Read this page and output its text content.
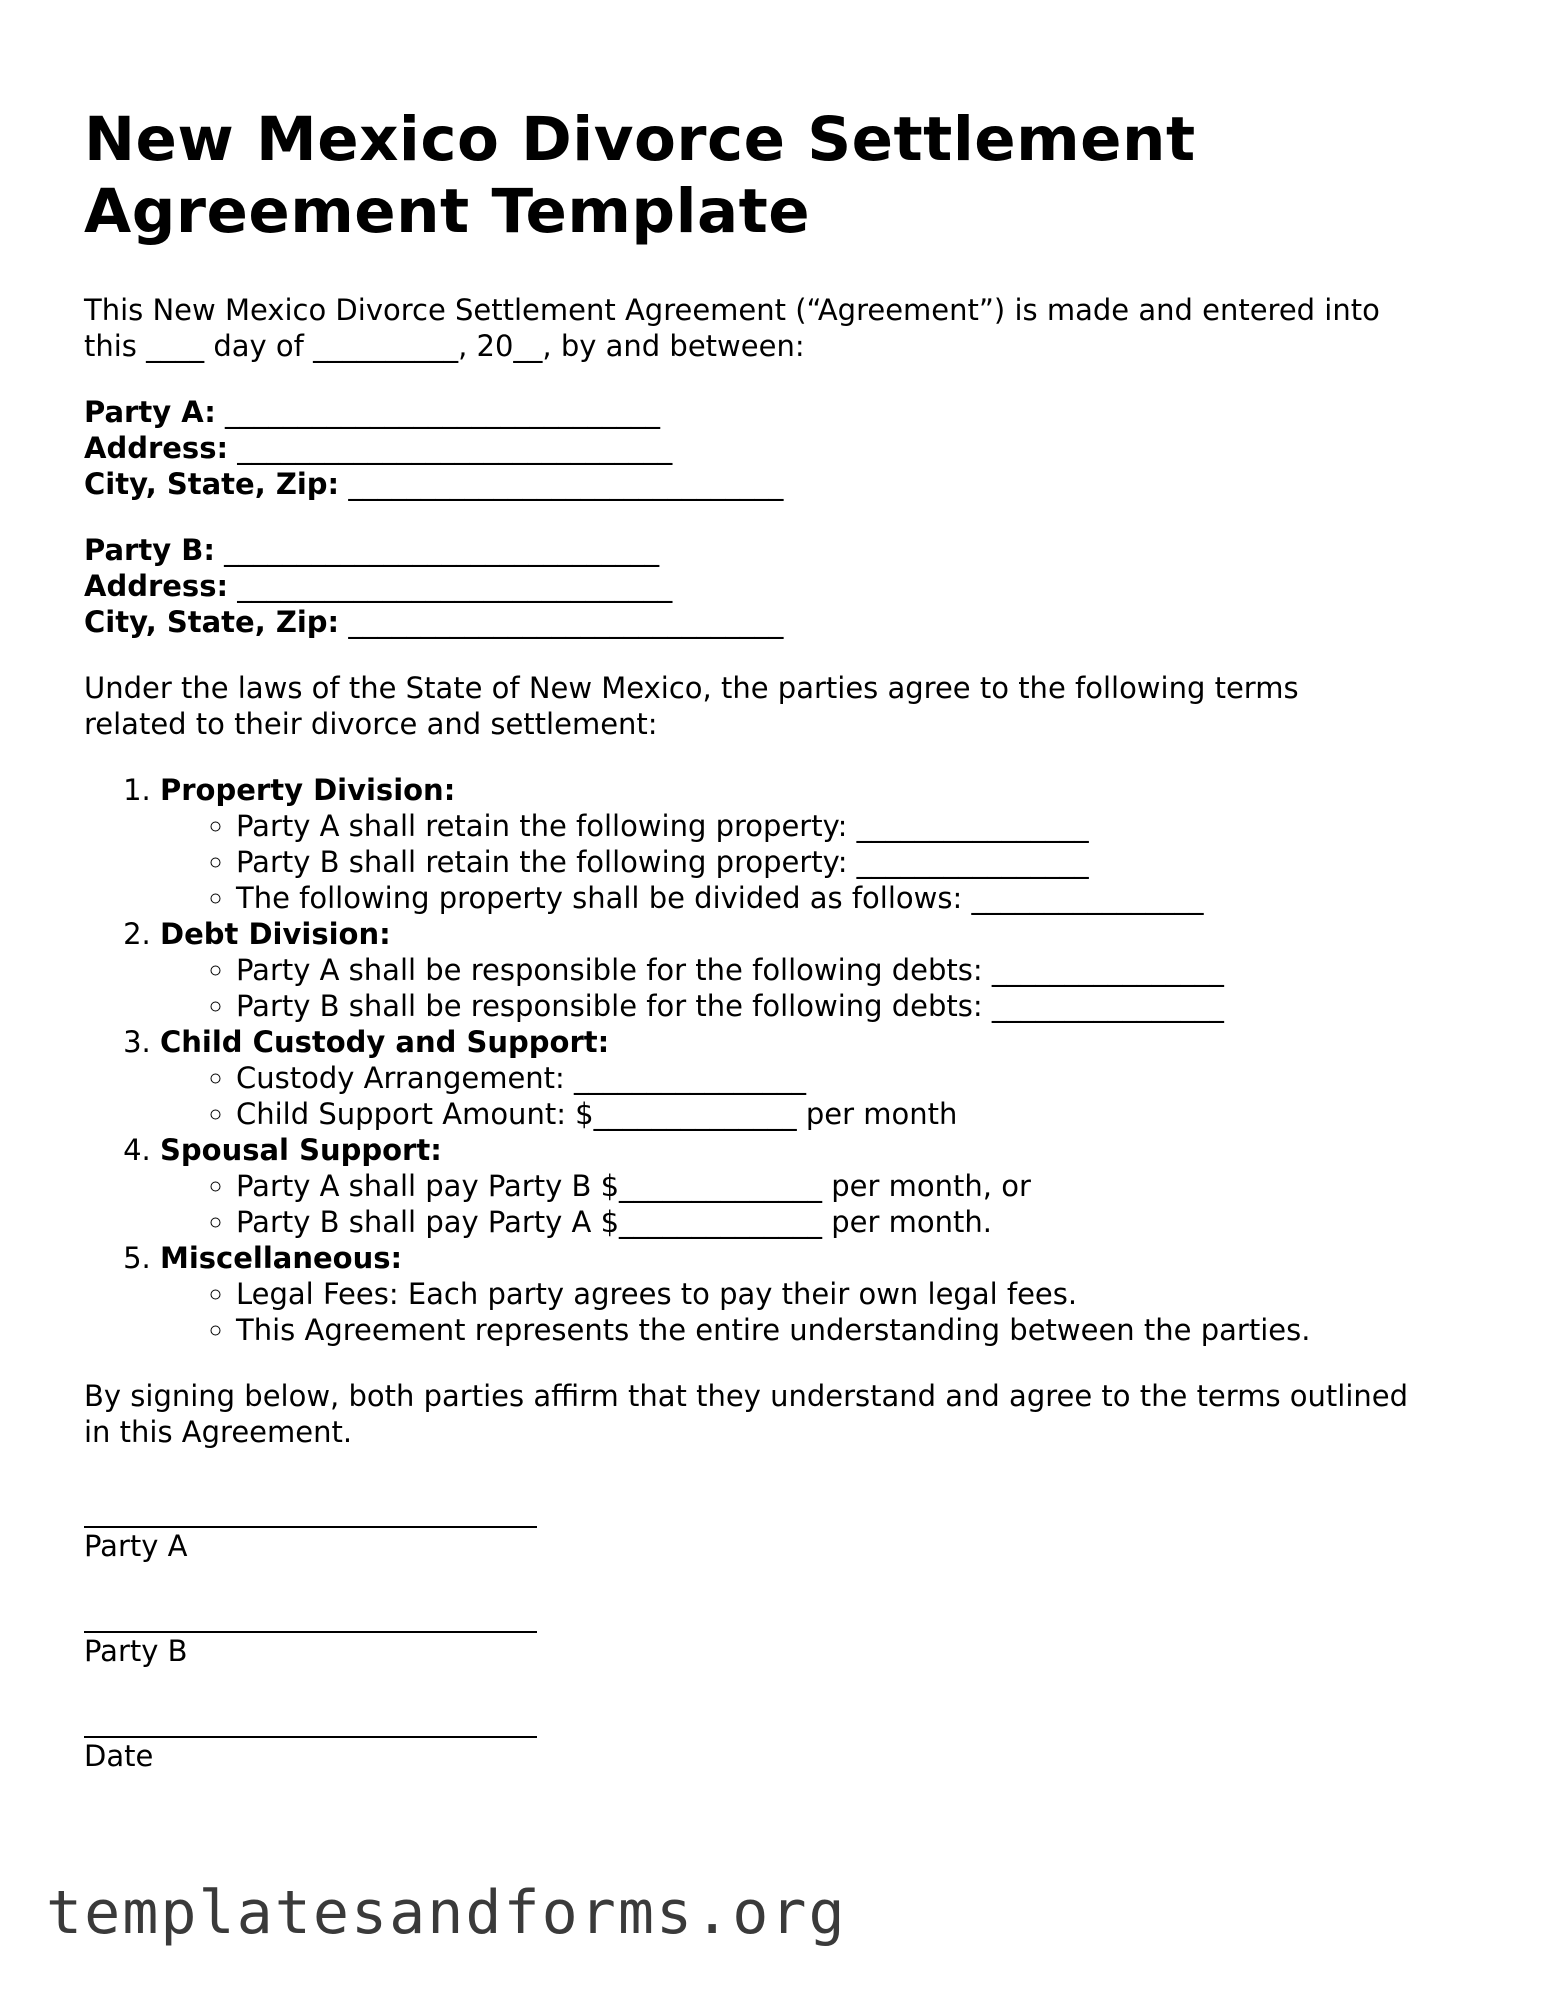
New Mexico Divorce Settlement
Agreement Template

This New Mexico Divorce Settlement Agreement (“Agreement”) is made and entered into
this ____ day of __________, 20__, by and between:

Party A: ______________________________
Address: ______________________________
City, State, Zip: ______________________________
Party B: ______________________________
Address: ______________________________
City, State, Zip: ______________________________

Under the laws of the State of New Mexico, the parties agree to the following terms
related to their divorce and settlement:

1. Property Division:
◦ Party A shall retain the following property: ________________
◦ Party B shall retain the following property: ________________
◦ The following property shall be divided as follows: ________________
2. Debt Division:
◦ Party A shall be responsible for the following debts: ________________
◦ Party B shall be responsible for the following debts: ________________
3. Child Custody and Support:
◦ Custody Arrangement: ________________
◦ Child Support Amount: $______________ per month
4. Spousal Support:
◦ Party A shall pay Party B $______________ per month, or
◦ Party B shall pay Party A $______________ per month.
5. Miscellaneous:
◦ Legal Fees: Each party agrees to pay their own legal fees.
◦ This Agreement represents the entire understanding between the parties.

By signing below, both parties affirm that they understand and agree to the terms outlined
in this Agreement.

Party A
Party B
Date
templatesandforms.org
